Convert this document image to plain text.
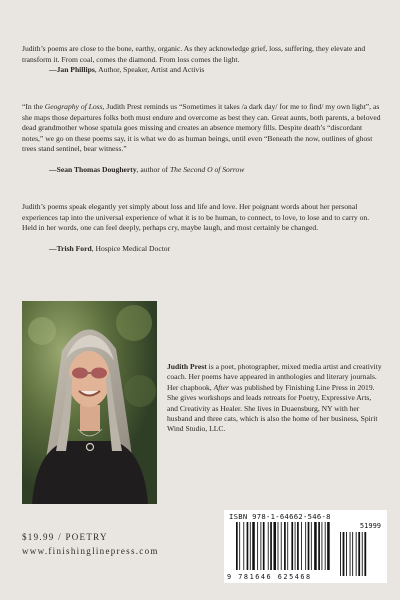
Judith’s poems are close to the bone, earthy, organic. As they acknowledge grief, loss, suffering, they elevate and transform it. From coal, comes the diamond. From loss comes the light.

—Jan Phillips, Author, Speaker, Artist and Activis

“In the Geography of Loss, Judith Prest reminds us “Sometimes it takes /a dark day/ for me to find/ my own light”, as she maps those departures folks both must endure and overcome as best they can. Great aunts, both parents, a beloved dead grandmother whose spatula goes missing and creates an absence memory fills. Despite death’s “discordant notes,” we go on these poems say, it is what we do as human beings, until even “Beneath the now, outlines of ghost trees stand sentinel, bear witness.”

—Sean Thomas Dougherty, author of The Second O of Sorrow

Judith’s poems speak elegantly yet simply about loss and life and love. Her poignant words about her personal experiences tap into the universal experience of what it is to be human, to connect, to love, to lose and to carry on. Held in her words, one can feel deeply, perhaps cry, maybe laugh, and most certainly be changed.

—Trish Ford, Hospice Medical Doctor

Judith Prest is a poet, photographer, mixed media artist and creativity coach. Her poems have appeared in anthologies and literary journals. Her chapbook, After was published by Finishing Line Press in 2019. She gives workshops and leads retreats for Poetry, Expressive Arts, and Creativity as Healer. She lives in Duaensburg, NY with her husband and three cats, which is also the home of her business, Spirit Wind Studio, LLC.

$19.99 / POETRY
www.finishinglinepress.com
ISBN 978-1-64662-546-8
51999
9 781646 625468
